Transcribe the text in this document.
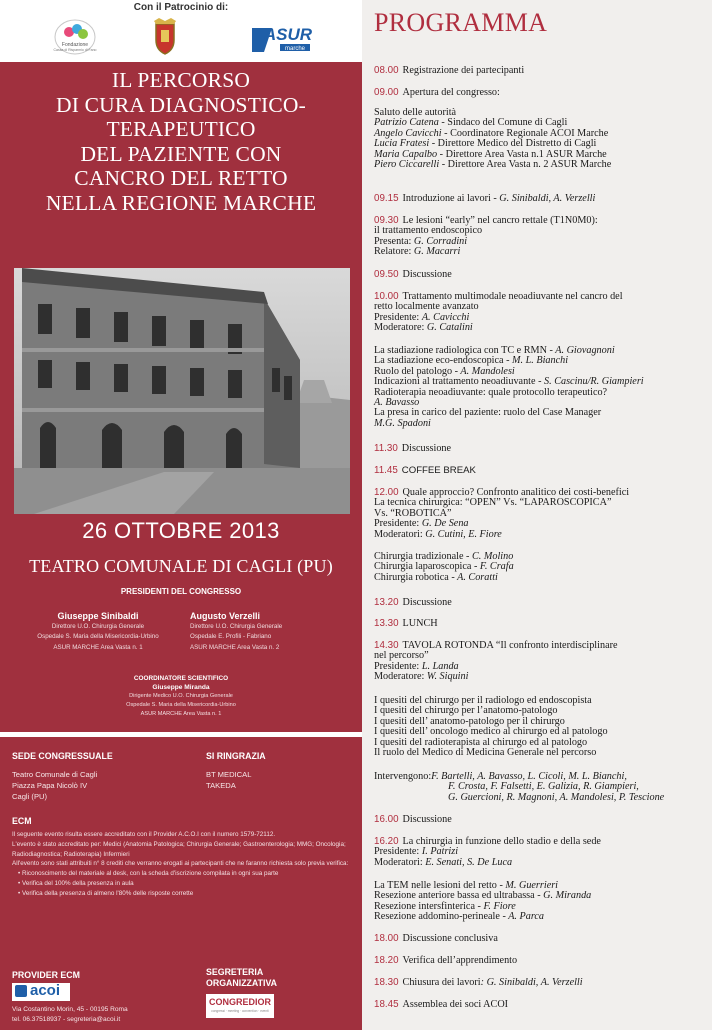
Con il Patrocinio di:
Fondazione
Cassa di Risparmio di Fano
ASUR
marche
IL PERCORSO
DI CURA DIAGNOSTICO-
TERAPEUTICO
DEL PAZIENTE CON
CANCRO DEL RETTO
NELLA REGIONE MARCHE
26 OTTOBRE 2013
TEATRO COMUNALE DI CAGLI (PU)
PRESIDENTI DEL CONGRESSO
Giuseppe Sinibaldi
Direttore U.O. Chirurgia Generale
Ospedale S. Maria della Misericordia-Urbino
ASUR MARCHE Area Vasta n. 1
Augusto Verzelli
Direttore U.O. Chirurgia Generale
Ospedale E. Profili - Fabriano
ASUR MARCHE Area Vasta n. 2
COORDINATORE SCIENTIFICO
Giuseppe Miranda
Dirigente Medico U.O. Chirurgia Generale
Ospedale S. Maria della Misericordia-Urbino
ASUR MARCHE Area Vasta n. 1
SEDE CONGRESSUALE
Teatro Comunale di Cagli
Piazza Papa Nicolò IV
Cagli (PU)
SI RINGRAZIA
BT MEDICAL
TAKEDA
ECM
Il seguente evento risulta essere accreditato con il Provider A.C.O.I con il numero 1579-72112.
L'evento è stato accreditato per: Medici (Anatomia Patologica; Chirurgia Generale; Gastroenterologia; MMG; Oncologia; Radiodiagnostica; Radioterapia) Infermieri
All'evento sono stati attribuiti n° 8 crediti che verranno erogati ai partecipanti che ne faranno richiesta solo previa verifica:
• Riconoscimento del materiale al desk, con la scheda d'iscrizione compilata in ogni sua parte
• Verifica del 100% della presenza in aula
• Verifica della presenza di almeno l'80% delle risposte corrette
PROVIDER ECM
acoi
Via Costantino Morin, 45 - 00195 Roma
tel. 06.37518937 - segreteria@acoi.it
SEGRETERIA
ORGANIZZATIVA
CONGREDIOR
congressi · meeting · convention · eventi
PROGRAMMA
08.00 Registrazione dei partecipanti
09.00 Apertura del congresso:
Saluto delle autorità
Patrizio Catena - Sindaco del Comune di Cagli
Angelo Cavicchi - Coordinatore Regionale ACOI Marche
Lucia Fratesi - Direttore Medico del Distretto di Cagli
Maria Capalbo - Direttore Area Vasta n.1 ASUR Marche
Piero Ciccarelli - Direttore Area Vasta n. 2 ASUR Marche
09.15 Introduzione ai lavori - G. Sinibaldi, A. Verzelli
09.30 Le lesioni “early” nel cancro rettale (T1N0M0):
il trattamento endoscopico
Presenta: G. Corradini
Relatore: G. Macarri
09.50 Discussione
10.00 Trattamento multimodale neoadiuvante nel cancro del
retto localmente avanzato
Presidente: A. Cavicchi
Moderatore: G. Catalini
La stadiazione radiologica con TC e RMN - A. Giovagnoni
La stadiazione eco-endoscopica - M. L. Bianchi
Ruolo del patologo - A. Mandolesi
Indicazioni al trattamento neoadiuvante - S. Cascinu/R. Giampieri
Radioterapia neoadiuvante: quale protocollo terapeutico?
A. Bavasso
La presa in carico del paziente: ruolo del Case Manager
M.G. Spadoni
11.30 Discussione
11.45 COFFEE BREAK
12.00 Quale approccio? Confronto analitico dei costi-benefici
La tecnica chirurgica: “OPEN” Vs. “LAPAROSCOPICA”
Vs. “ROBOTICA”
Presidente: G. De Sena
Moderatori: G. Cutini, E. Fiore
Chirurgia tradizionale - C. Molino
Chirurgia laparoscopica - F. Crafa
Chirurgia robotica - A. Coratti
13.20 Discussione
13.30 LUNCH
14.30 TAVOLA ROTONDA “Il confronto interdisciplinare
nel percorso”
Presidente: L. Landa
Moderatore: W. Siquini
I quesiti del chirurgo per il radiologo ed endoscopista
I quesiti del chirurgo per l’anatomo-patologo
I quesiti dell’ anatomo-patologo per il chirurgo
I quesiti dell’ oncologo medico al chirurgo ed al patologo
I quesiti del radioterapista al chirurgo ed al patologo
Il ruolo del Medico di Medicina Generale nel percorso
Intervengono: F. Bartelli, A. Bavasso, L. Cicoli, M. L. Bianchi,
F. Crosta, F. Falsetti, E. Galizia, R. Giampieri,
G. Guercioni, R. Magnoni, A. Mandolesi, P. Tescione
16.00 Discussione
16.20 La chirurgia in funzione dello stadio e della sede
Presidente: I. Patrizi
Moderatori: E. Senati, S. De Luca
La TEM nelle lesioni del retto - M. Guerrieri
Resezione anteriore bassa ed ultrabassa - G. Miranda
Resezione intersfinterica - F. Fiore
Resezione addomino-perineale - A. Parca
18.00 Discussione conclusiva
18.20 Verifica dell’apprendimento
18.30 Chiusura dei lavori: G. Sinibaldi, A. Verzelli
18.45 Assemblea dei soci ACOI
